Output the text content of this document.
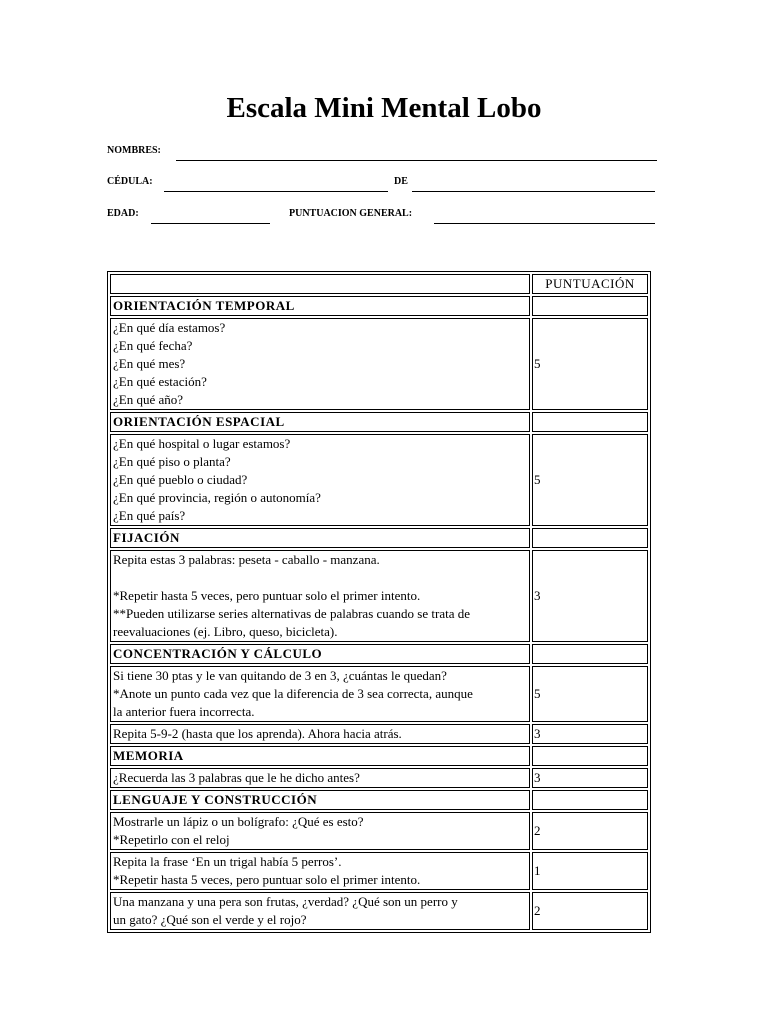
Escala Mini Mental Lobo
NOMBRES:
CÉDULA:	DE
EDAD:	PUNTUACION GENERAL:
	PUNTUACIÓN
ORIENTACIÓN TEMPORAL	

¿En qué día estamos?
¿En qué fecha?
¿En qué mes?
¿En qué estación?
¿En qué año?	5
ORIENTACIÓN ESPACIAL	

¿En qué hospital o lugar estamos?
¿En qué piso o planta?
¿En qué pueblo o ciudad?
¿En qué provincia, región o autonomía?
¿En qué país?	5
FIJACIÓN	

Repita estas 3 palabras: peseta - caballo - manzana.
*Repetir hasta 5 veces, pero puntuar solo el primer intento.
**Pueden utilizarse series alternativas de palabras cuando se trata de
reevaluaciones (ej. Libro, queso, bicicleta).	3
CONCENTRACIÓN Y CÁLCULO	

Si tiene 30 ptas y le van quitando de 3 en 3, ¿cuántas le quedan?
*Anote un punto cada vez que la diferencia de 3 sea correcta, aunque
la anterior fuera incorrecta.	5

Repita 5-9-2 (hasta que los aprenda). Ahora hacia atrás.	3
MEMORIA	

¿Recuerda las 3 palabras que le he dicho antes?	3
LENGUAJE Y CONSTRUCCIÓN	

Mostrarle un lápiz o un bolígrafo: ¿Qué es esto?
*Repetirlo con el reloj	2

Repita la frase ‘En un trigal había 5 perros’.
*Repetir hasta 5 veces, pero puntuar solo el primer intento.	1

Una manzana y una pera son frutas, ¿verdad? ¿Qué son un perro y
un gato? ¿Qué son el verde y el rojo?	2
